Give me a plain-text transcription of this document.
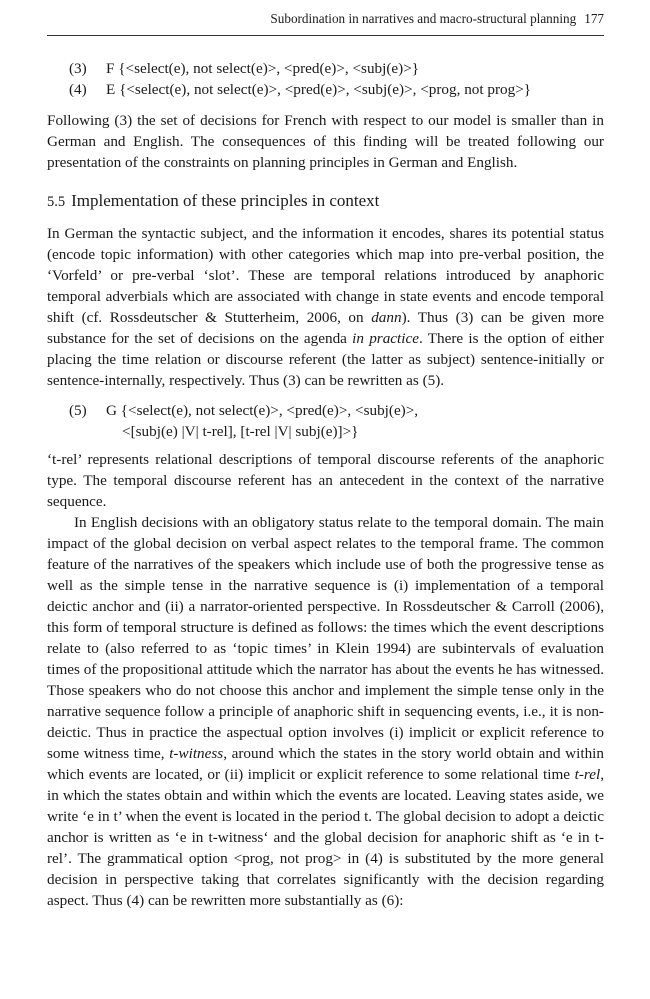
Subordination in narratives and macro-structural planning 177
(3) F {<select(e), not select(e)>, <pred(e)>, <subj(e)>}
(4) E {<select(e), not select(e)>, <pred(e)>, <subj(e)>, <prog, not prog>}

Following (3) the set of decisions for French with respect to our model is smaller than in German and English. The consequences of this finding will be treated following our presentation of the constraints on planning principles in German and English.

5.5 Implementation of these principles in context

In German the syntactic subject, and the information it encodes, shares its potential status (encode topic information) with other categories which map into pre-verbal position, the ‘Vorfeld’ or pre-verbal ‘slot’. These are temporal relations introduced by anaphoric temporal adverbials which are associated with change in state events and encode temporal shift (cf. Rossdeutscher & Stutterheim, 2006, on dann). Thus (3) can be given more substance for the set of decisions on the agenda in practice. There is the option of either placing the time relation or discourse referent (the latter as subject) sentence-initially or sentence-internally, respectively. Thus (3) can be rewritten as (5).

(5) G {<select(e), not select(e)>, <pred(e)>, <subj(e)>,
<[subj(e) |V| t-rel], [t-rel |V| subj(e)]>}

‘t-rel’ represents relational descriptions of temporal discourse referents of the anaphoric type. The temporal discourse referent has an antecedent in the context of the narrative sequence.

In English decisions with an obligatory status relate to the temporal domain. The main impact of the global decision on verbal aspect relates to the temporal frame. The common feature of the narratives of the speakers which include use of both the progressive tense as well as the simple tense in the narrative sequence is (i) implementation of a temporal deictic anchor and (ii) a narrator-oriented perspective. In Rossdeutscher & Carroll (2006), this form of temporal structure is defined as follows: the times which the event descriptions relate to (also referred to as ‘topic times’ in Klein 1994) are subintervals of evaluation times of the propositional attitude which the narrator has about the events he has witnessed. Those speakers who do not choose this anchor and implement the simple tense only in the narrative sequence follow a principle of anaphoric shift in sequencing events, i.e., it is non-deictic. Thus in practice the aspectual option involves (i) implicit or explicit reference to some witness time, t-witness, around which the states in the story world obtain and within which events are located, or (ii) implicit or explicit reference to some relational time t-rel, in which the states obtain and within which the events are located. Leaving states aside, we write ‘e in t’ when the event is located in the period t. The global decision to adopt a deictic anchor is written as ‘e in t-witness‘ and the global decision for anaphoric shift as ‘e in t-rel’. The grammatical option <prog, not prog> in (4) is substituted by the more general decision in perspective taking that correlates significantly with the decision regarding aspect. Thus (4) can be rewritten more substantially as (6):
